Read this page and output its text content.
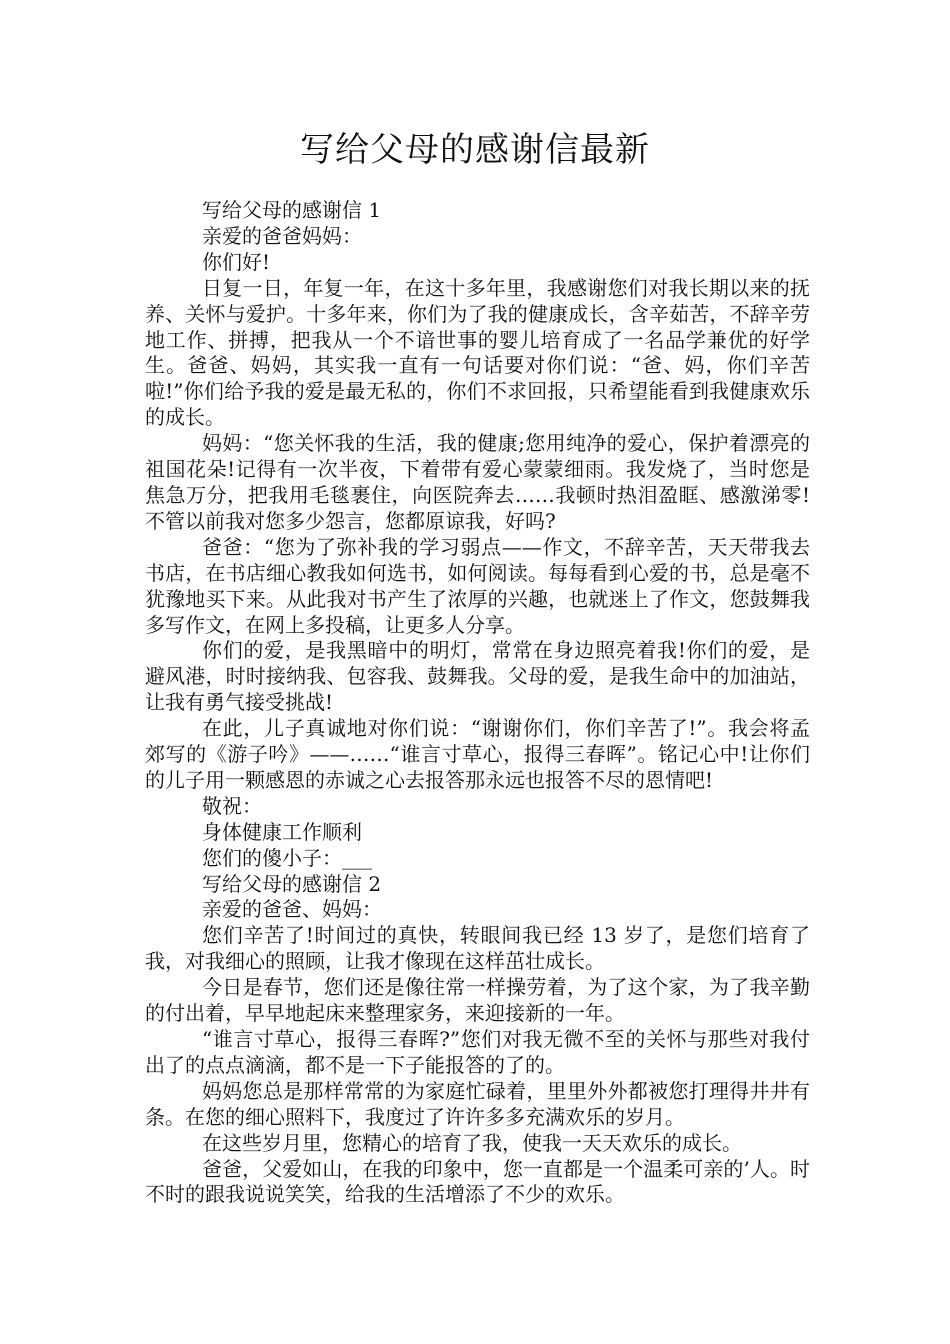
写给父母的感谢信最新

写给父母的感谢信 1

亲爱的爸爸妈妈：

你们好!

日复一日，年复一年，在这十多年里，我感谢您们对我长期以来的抚养、关怀与爱护。十多年来，你们为了我的健康成长，含辛茹苦，不辞辛劳地工作、拼搏，把我从一个不谙世事的婴儿培育成了一名品学兼优的好学生。爸爸、妈妈，其实我一直有一句话要对你们说：“爸、妈，你们辛苦啦!”你们给予我的爱是最无私的，你们不求回报，只希望能看到我健康欢乐的成长。

妈妈：“您关怀我的生活，我的健康;您用纯净的爱心，保护着漂亮的祖国花朵!记得有一次半夜，下着带有爱心蒙蒙细雨。我发烧了，当时您是焦急万分，把我用毛毯裹住，向医院奔去……我顿时热泪盈眶、感激涕零!不管以前我对您多少怨言，您都原谅我，好吗?

爸爸：“您为了弥补我的学习弱点——作文，不辞辛苦，天天带我去书店，在书店细心教我如何选书，如何阅读。每每看到心爱的书，总是毫不犹豫地买下来。从此我对书产生了浓厚的兴趣，也就迷上了作文，您鼓舞我多写作文，在网上多投稿，让更多人分享。

你们的爱，是我黑暗中的明灯，常常在身边照亮着我!你们的爱，是避风港，时时接纳我、包容我、鼓舞我。父母的爱，是我生命中的加油站，让我有勇气接受挑战!

在此，儿子真诚地对你们说：“谢谢你们，你们辛苦了!”。我会将孟郊写的《游子吟》——……“谁言寸草心，报得三春晖”。铭记心中!让你们的儿子用一颗感恩的赤诚之心去报答那永远也报答不尽的恩情吧!

敬祝：

身体健康工作顺利

您们的傻小子：___

写给父母的感谢信 2

亲爱的爸爸、妈妈：

您们辛苦了!时间过的真快，转眼间我已经 13 岁了，是您们培育了我，对我细心的照顾，让我才像现在这样茁壮成长。

今日是春节，您们还是像往常一样操劳着，为了这个家，为了我辛勤的付出着，早早地起床来整理家务，来迎接新的一年。

“谁言寸草心，报得三春晖?”您们对我无微不至的关怀与那些对我付出了的点点滴滴，都不是一下子能报答的了的。

妈妈您总是那样常常的为家庭忙碌着，里里外外都被您打理得井井有条。在您的细心照料下，我度过了许许多多充满欢乐的岁月。

在这些岁月里，您精心的培育了我，使我一天天欢乐的成长。

爸爸，父爱如山，在我的印象中，您一直都是一个温柔可亲的’人。时不时的跟我说说笑笑，给我的生活增添了不少的欢乐。
